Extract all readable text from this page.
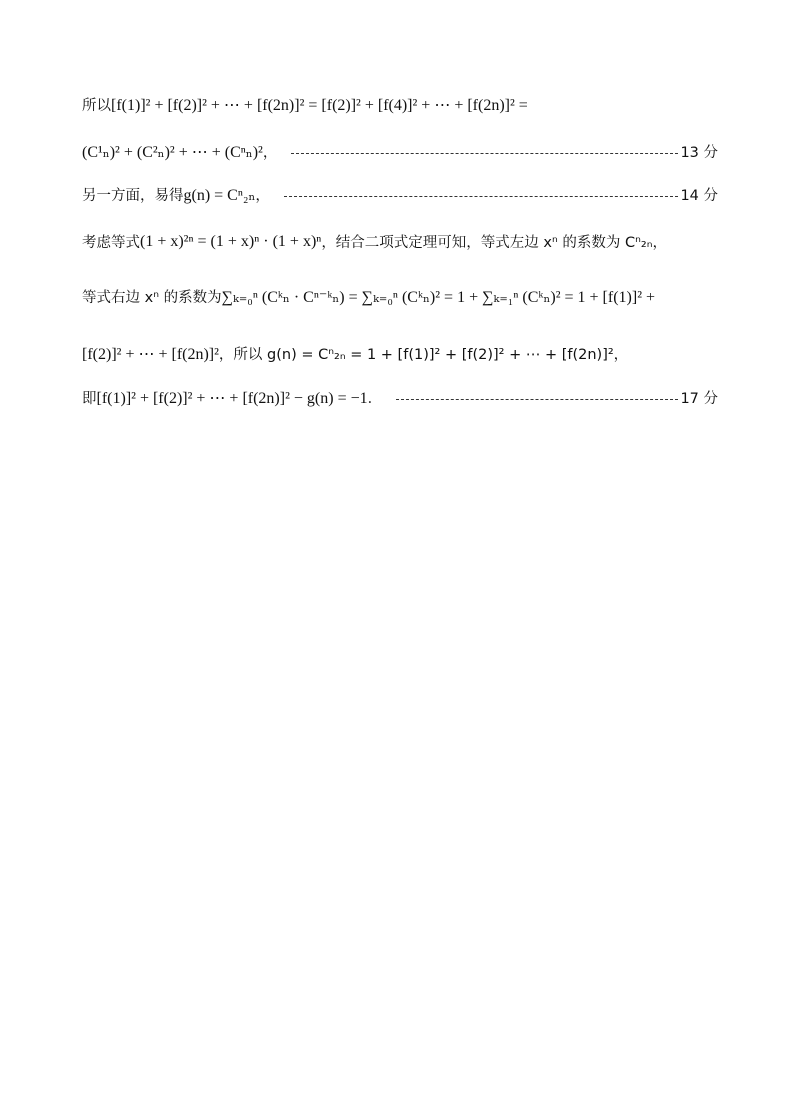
所以 [f(1)]² + [f(2)]² + ⋯ + [f(2n)]² = [f(2)]² + [f(4)]² + ⋯ + [f(2n)]² =
(C¹ₙ)² + (C²ₙ)² + ⋯ + (Cⁿₙ)² ，	13 分
另一方面，易得 g(n) = Cⁿ₂ₙ ，	14 分
考虑等式 (1 + x)²ⁿ = (1 + x)ⁿ · (1 + x)ⁿ ，结合二项式定理可知，等式左边 xⁿ 的系数为 Cⁿ₂ₙ，
等式右边 xⁿ 的系数为 ∑ₖ₌₀ⁿ (Cᵏₙ · Cⁿ⁻ᵏₙ) = ∑ₖ₌₀ⁿ (Cᵏₙ)² = 1 + ∑ₖ₌₁ⁿ (Cᵏₙ)² = 1 + [f(1)]² +
[f(2)]² + ⋯ + [f(2n)]² ，所以 g(n) = Cⁿ₂ₙ = 1 + [f(1)]² + [f(2)]² + ⋯ + [f(2n)]²，
即 [f(1)]² + [f(2)]² + ⋯ + [f(2n)]² − g(n) = −1 ．	17 分
